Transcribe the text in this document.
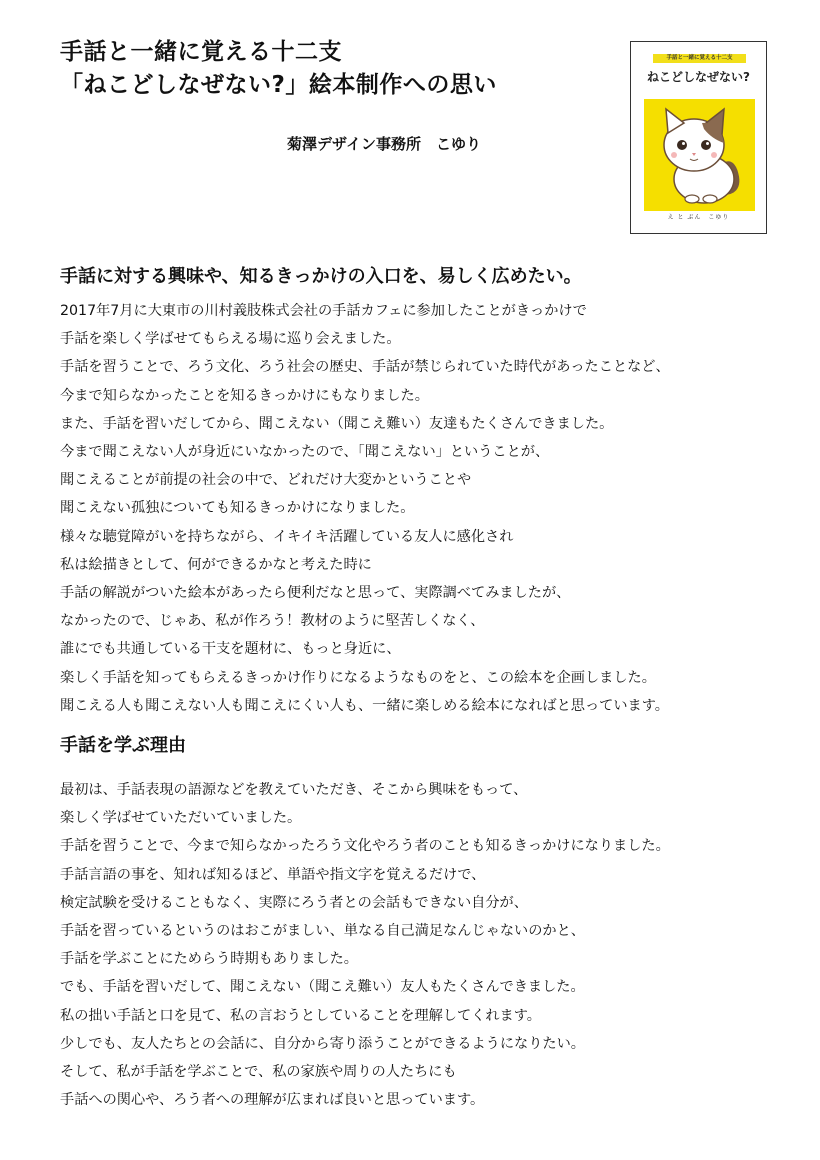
手話と一緒に覚える十二支
「ねこどしなぜない?」絵本制作への思い
菊澤デザイン事務所　こゆり
手話と一緒に覚える十二支
ねこどしなぜない?
え と ぶん　こゆり
手話に対する興味や、知るきっかけの入口を、易しく広めたい。
2017年7月に大東市の川村義肢株式会社の手話カフェに参加したことがきっかけで
手話を楽しく学ばせてもらえる場に巡り会えました。
手話を習うことで、ろう文化、ろう社会の歴史、手話が禁じられていた時代があったことなど、
今まで知らなかったことを知るきっかけにもなりました。
また、手話を習いだしてから、聞こえない（聞こえ難い）友達もたくさんできました。
今まで聞こえない人が身近にいなかったので、「聞こえない」ということが、
聞こえることが前提の社会の中で、どれだけ大変かということや
聞こえない孤独についても知るきっかけになりました。
様々な聴覚障がいを持ちながら、イキイキ活躍している友人に感化され
私は絵描きとして、何ができるかなと考えた時に
手話の解説がついた絵本があったら便利だなと思って、実際調べてみましたが、
なかったので、じゃあ、私が作ろう！教材のように堅苦しくなく、
誰にでも共通している干支を題材に、もっと身近に、
楽しく手話を知ってもらえるきっかけ作りになるようなものをと、この絵本を企画しました。
聞こえる人も聞こえない人も聞こえにくい人も、一緒に楽しめる絵本になればと思っています。
手話を学ぶ理由
最初は、手話表現の語源などを教えていただき、そこから興味をもって、
楽しく学ばせていただいていました。
手話を習うことで、今まで知らなかったろう文化やろう者のことも知るきっかけになりました。
手話言語の事を、知れば知るほど、単語や指文字を覚えるだけで、
検定試験を受けることもなく、実際にろう者との会話もできない自分が、
手話を習っているというのはおこがましい、単なる自己満足なんじゃないのかと、
手話を学ぶことにためらう時期もありました。
でも、手話を習いだして、聞こえない（聞こえ難い）友人もたくさんできました。
私の拙い手話と口を見て、私の言おうとしていることを理解してくれます。
少しでも、友人たちとの会話に、自分から寄り添うことができるようになりたい。
そして、私が手話を学ぶことで、私の家族や周りの人たちにも
手話への関心や、ろう者への理解が広まれば良いと思っています。
